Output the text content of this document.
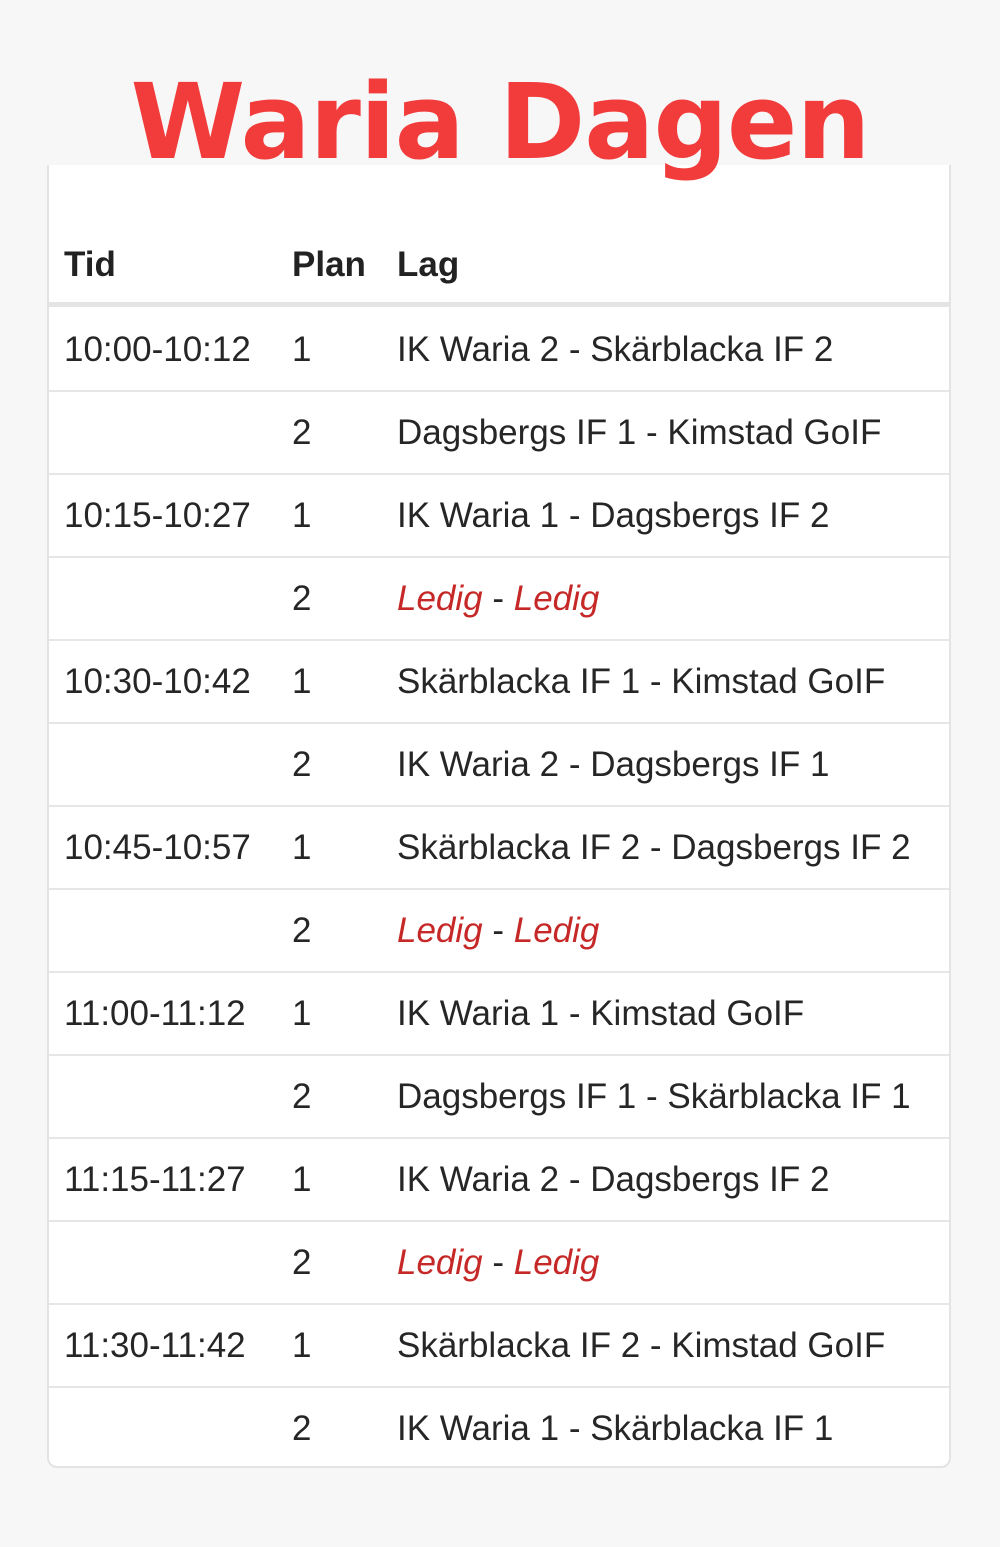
Waria Dagen
Tid	Plan Lag
10:00-10:12 1 IK Waria 2 - Skärblacka IF 2
2 Dagsbergs IF 1 - Kimstad GoIF
10:15-10:27 1 IK Waria 1 - Dagsbergs IF 2
2 Ledig - Ledig
10:30-10:42 1 Skärblacka IF 1 - Kimstad GoIF
2 IK Waria 2 - Dagsbergs IF 1
10:45-10:57 1 Skärblacka IF 2 - Dagsbergs IF 2
2 Ledig - Ledig
11:00-11:12 1 IK Waria 1 - Kimstad GoIF
2 Dagsbergs IF 1 - Skärblacka IF 1
11:15-11:27 1 IK Waria 2 - Dagsbergs IF 2
2 Ledig - Ledig
11:30-11:42 1 Skärblacka IF 2 - Kimstad GoIF
2 IK Waria 1 - Skärblacka IF 1
